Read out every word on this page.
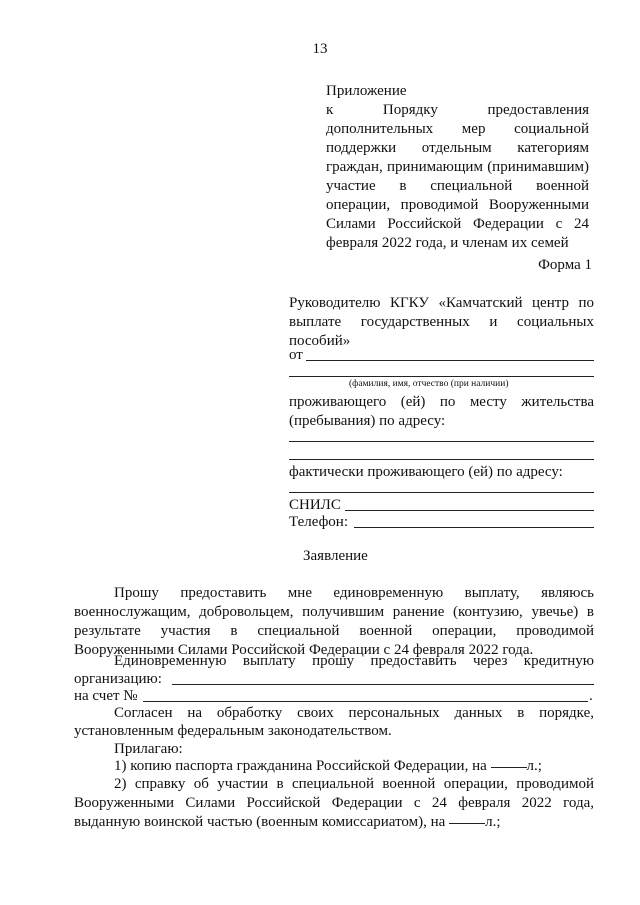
13
Приложение
к Порядку предоставления
дополнительных мер социальной
поддержки отдельным категориям
граждан, принимающим (принимавшим)
участие в специальной военной
операции, проводимой Вооруженными
Силами Российской Федерации с 24
февраля 2022 года, и членам их семей
Форма 1
Руководителю КГКУ «Камчатский центр по
выплате государственных и социальных
пособий»
от
(фамилия, имя, отчество (при наличии)
проживающего (ей) по месту жительства
(пребывания) по адресу:
фактически проживающего (ей) по адресу:
СНИЛС
Телефон:
Заявление
Прошу предоставить мне единовременную выплату, являюсь
военнослужащим, добровольцем, получившим ранение (контузию, увечье) в
результате участия в специальной военной операции, проводимой
Вооруженными Силами Российской Федерации с 24 февраля 2022 года.
Единовременную выплату прошу предоставить через кредитную
организацию:
на счет №	.
Согласен на обработку своих персональных данных в порядке,
установленным федеральным законодательством.
Прилагаю:
1) копию паспорта гражданина Российской Федерации, на	л.;
2) справку об участии в специальной военной операции, проводимой
Вооруженными Силами Российской Федерации с 24 февраля 2022 года,
выданную воинской частью (военным комиссариатом), на	л.;
